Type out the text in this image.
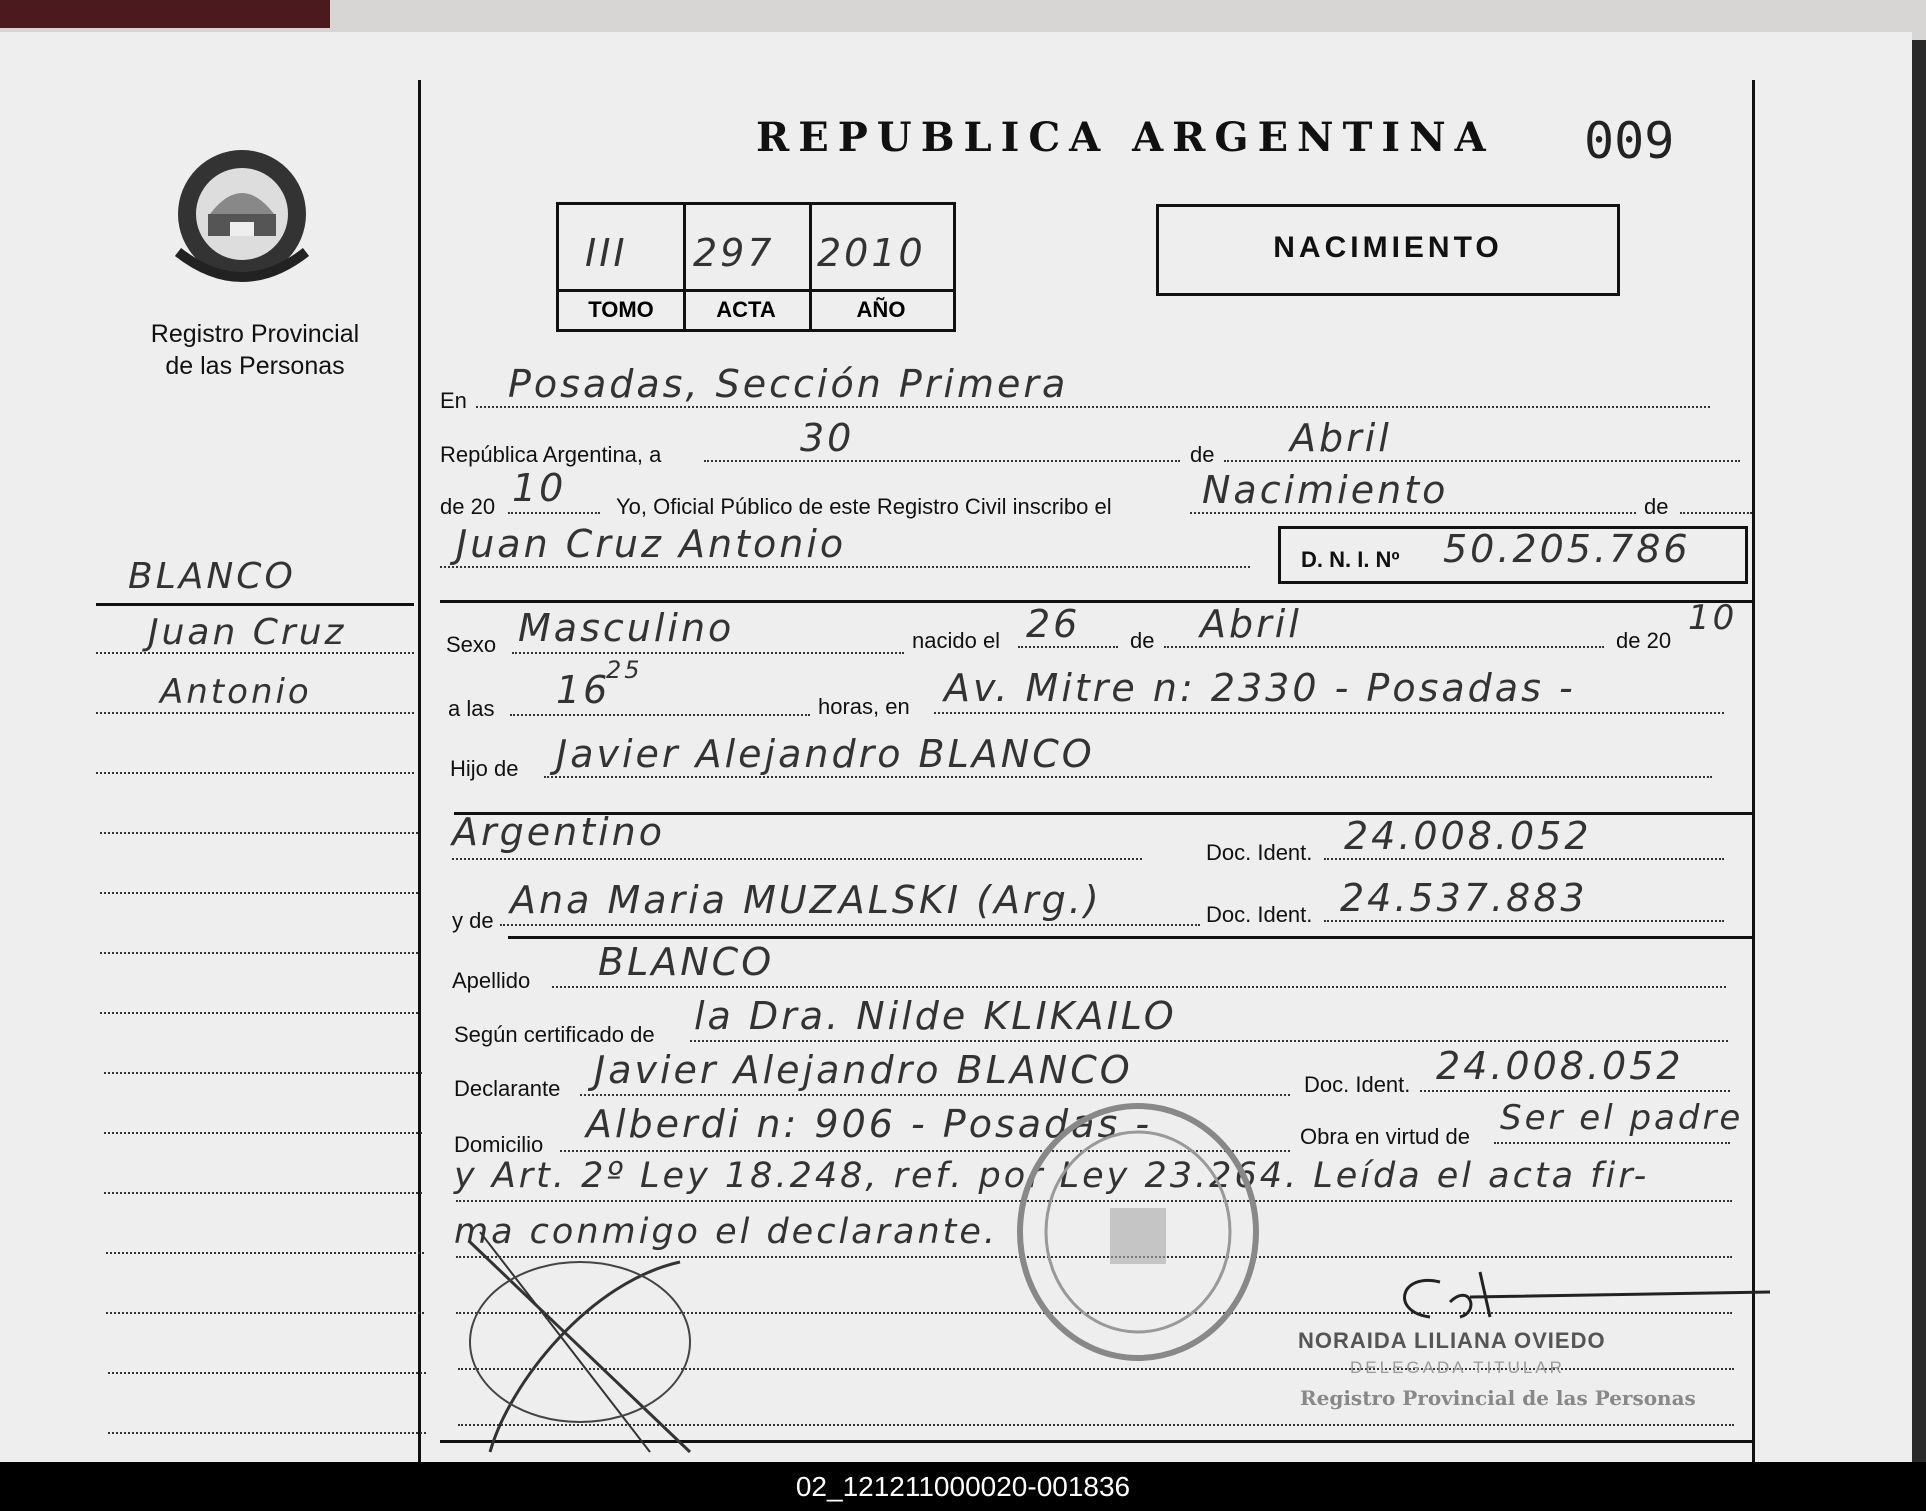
Registro Provincial
de las Personas
BLANCO
Juan Cruz
Antonio
REPUBLICA ARGENTINA 009
III 297 2010
TOMO	ACTA	AÑO
NACIMIENTO
En Posadas, Sección Primera
República Argentina, a	30	de Abril
de 20 10 Yo, Oficial Público de este Registro Civil inscribo el Nacimiento	de
Juan Cruz Antonio	D. N. I. Nº 50.205.786
Sexo Masculino	nacido el 26 de Abril	de 20
10
a las 16
25
horas, en Av. Mitre n: 2330 - Posadas -
Hijo de Javier Alejandro BLANCO
Argentino	Doc. Ident. 24.008.052
y de Ana Maria MUZALSKI (Arg.)	Doc. Ident. 24.537.883
Apellido BLANCO
Según certificado de la Dra. Nilde KLIKAILO
Declarante Javier Alejandro BLANCO	Doc. Ident. 24.008.052
Domicilio Alberdi n: 906 - Posadas -	Obra en virtud de Ser el padre
y Art. 2º Ley 18.248, ref. por Ley 23.264. Leída el acta fir-
ma conmigo el declarante.
NORAIDA LILIANA OVIEDO
DELEGADA TITULAR
Registro Provincial de las Personas
02_121211000020-001836
